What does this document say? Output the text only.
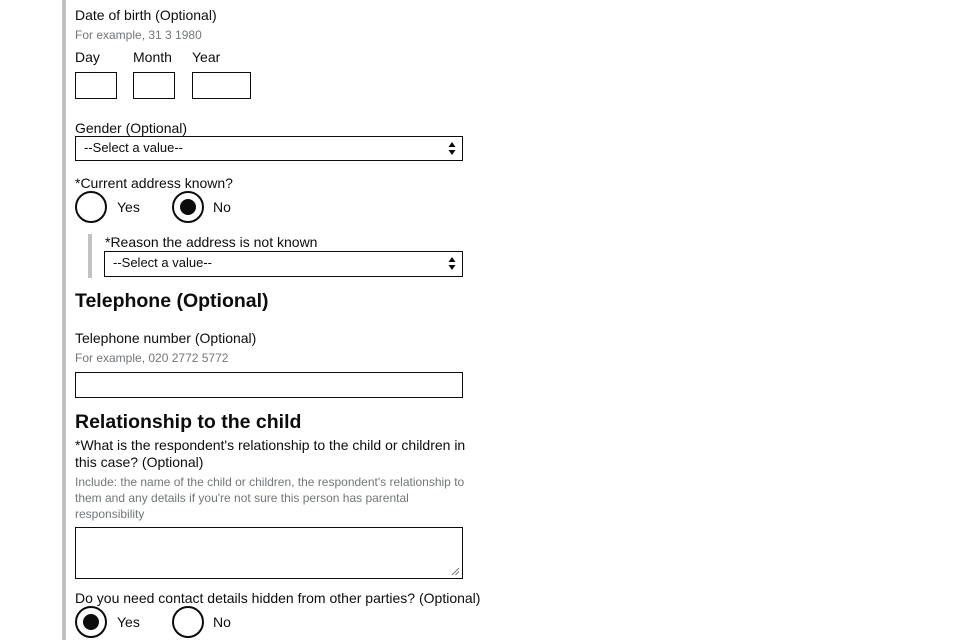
Date of birth (Optional)
For example, 31 3 1980
Day Month Year
Gender (Optional)
--Select a value--
*Current address known?
Yes	No
*Reason the address is not known
--Select a value--
Telephone (Optional)
Telephone number (Optional)
For example, 020 2772 5772
Relationship to the child
*What is the respondent's relationship to the child or children in
this case? (Optional)
Include: the name of the child or children, the respondent's relationship to
them and any details if you're not sure this person has parental
responsibility
Do you need contact details hidden from other parties? (Optional)
Yes	No
